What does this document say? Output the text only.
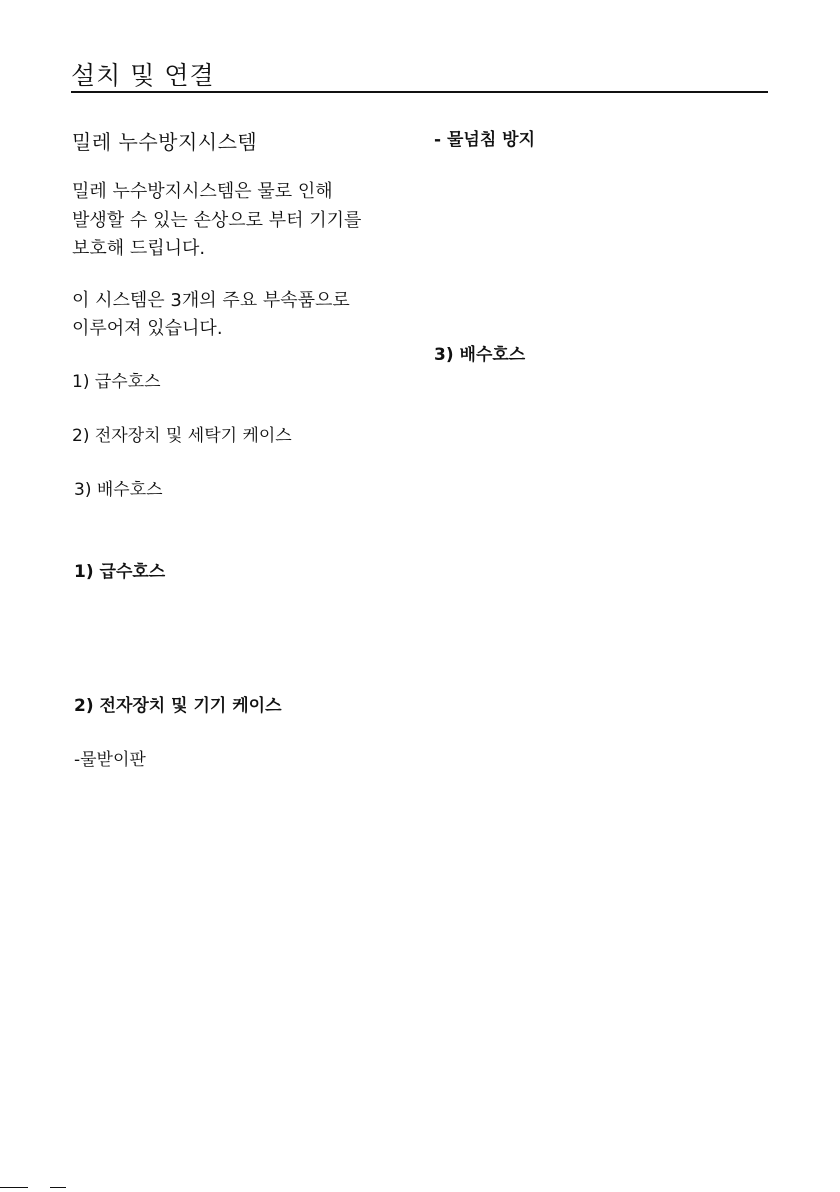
설치 및 연결
밀레 누수방지시스템
밀레 누수방지시스템은 물로 인해
발생할 수 있는 손상으로 부터 기기를
보호해 드립니다.
이 시스템은 3개의 주요 부속품으로
이루어져 있습니다.
1) 급수호스
2) 전자장치 및 세탁기 케이스
3) 배수호스
1) 급수호스
2) 전자장치 및 기기 케이스
-물받이판
- 물넘침 방지
3) 배수호스
